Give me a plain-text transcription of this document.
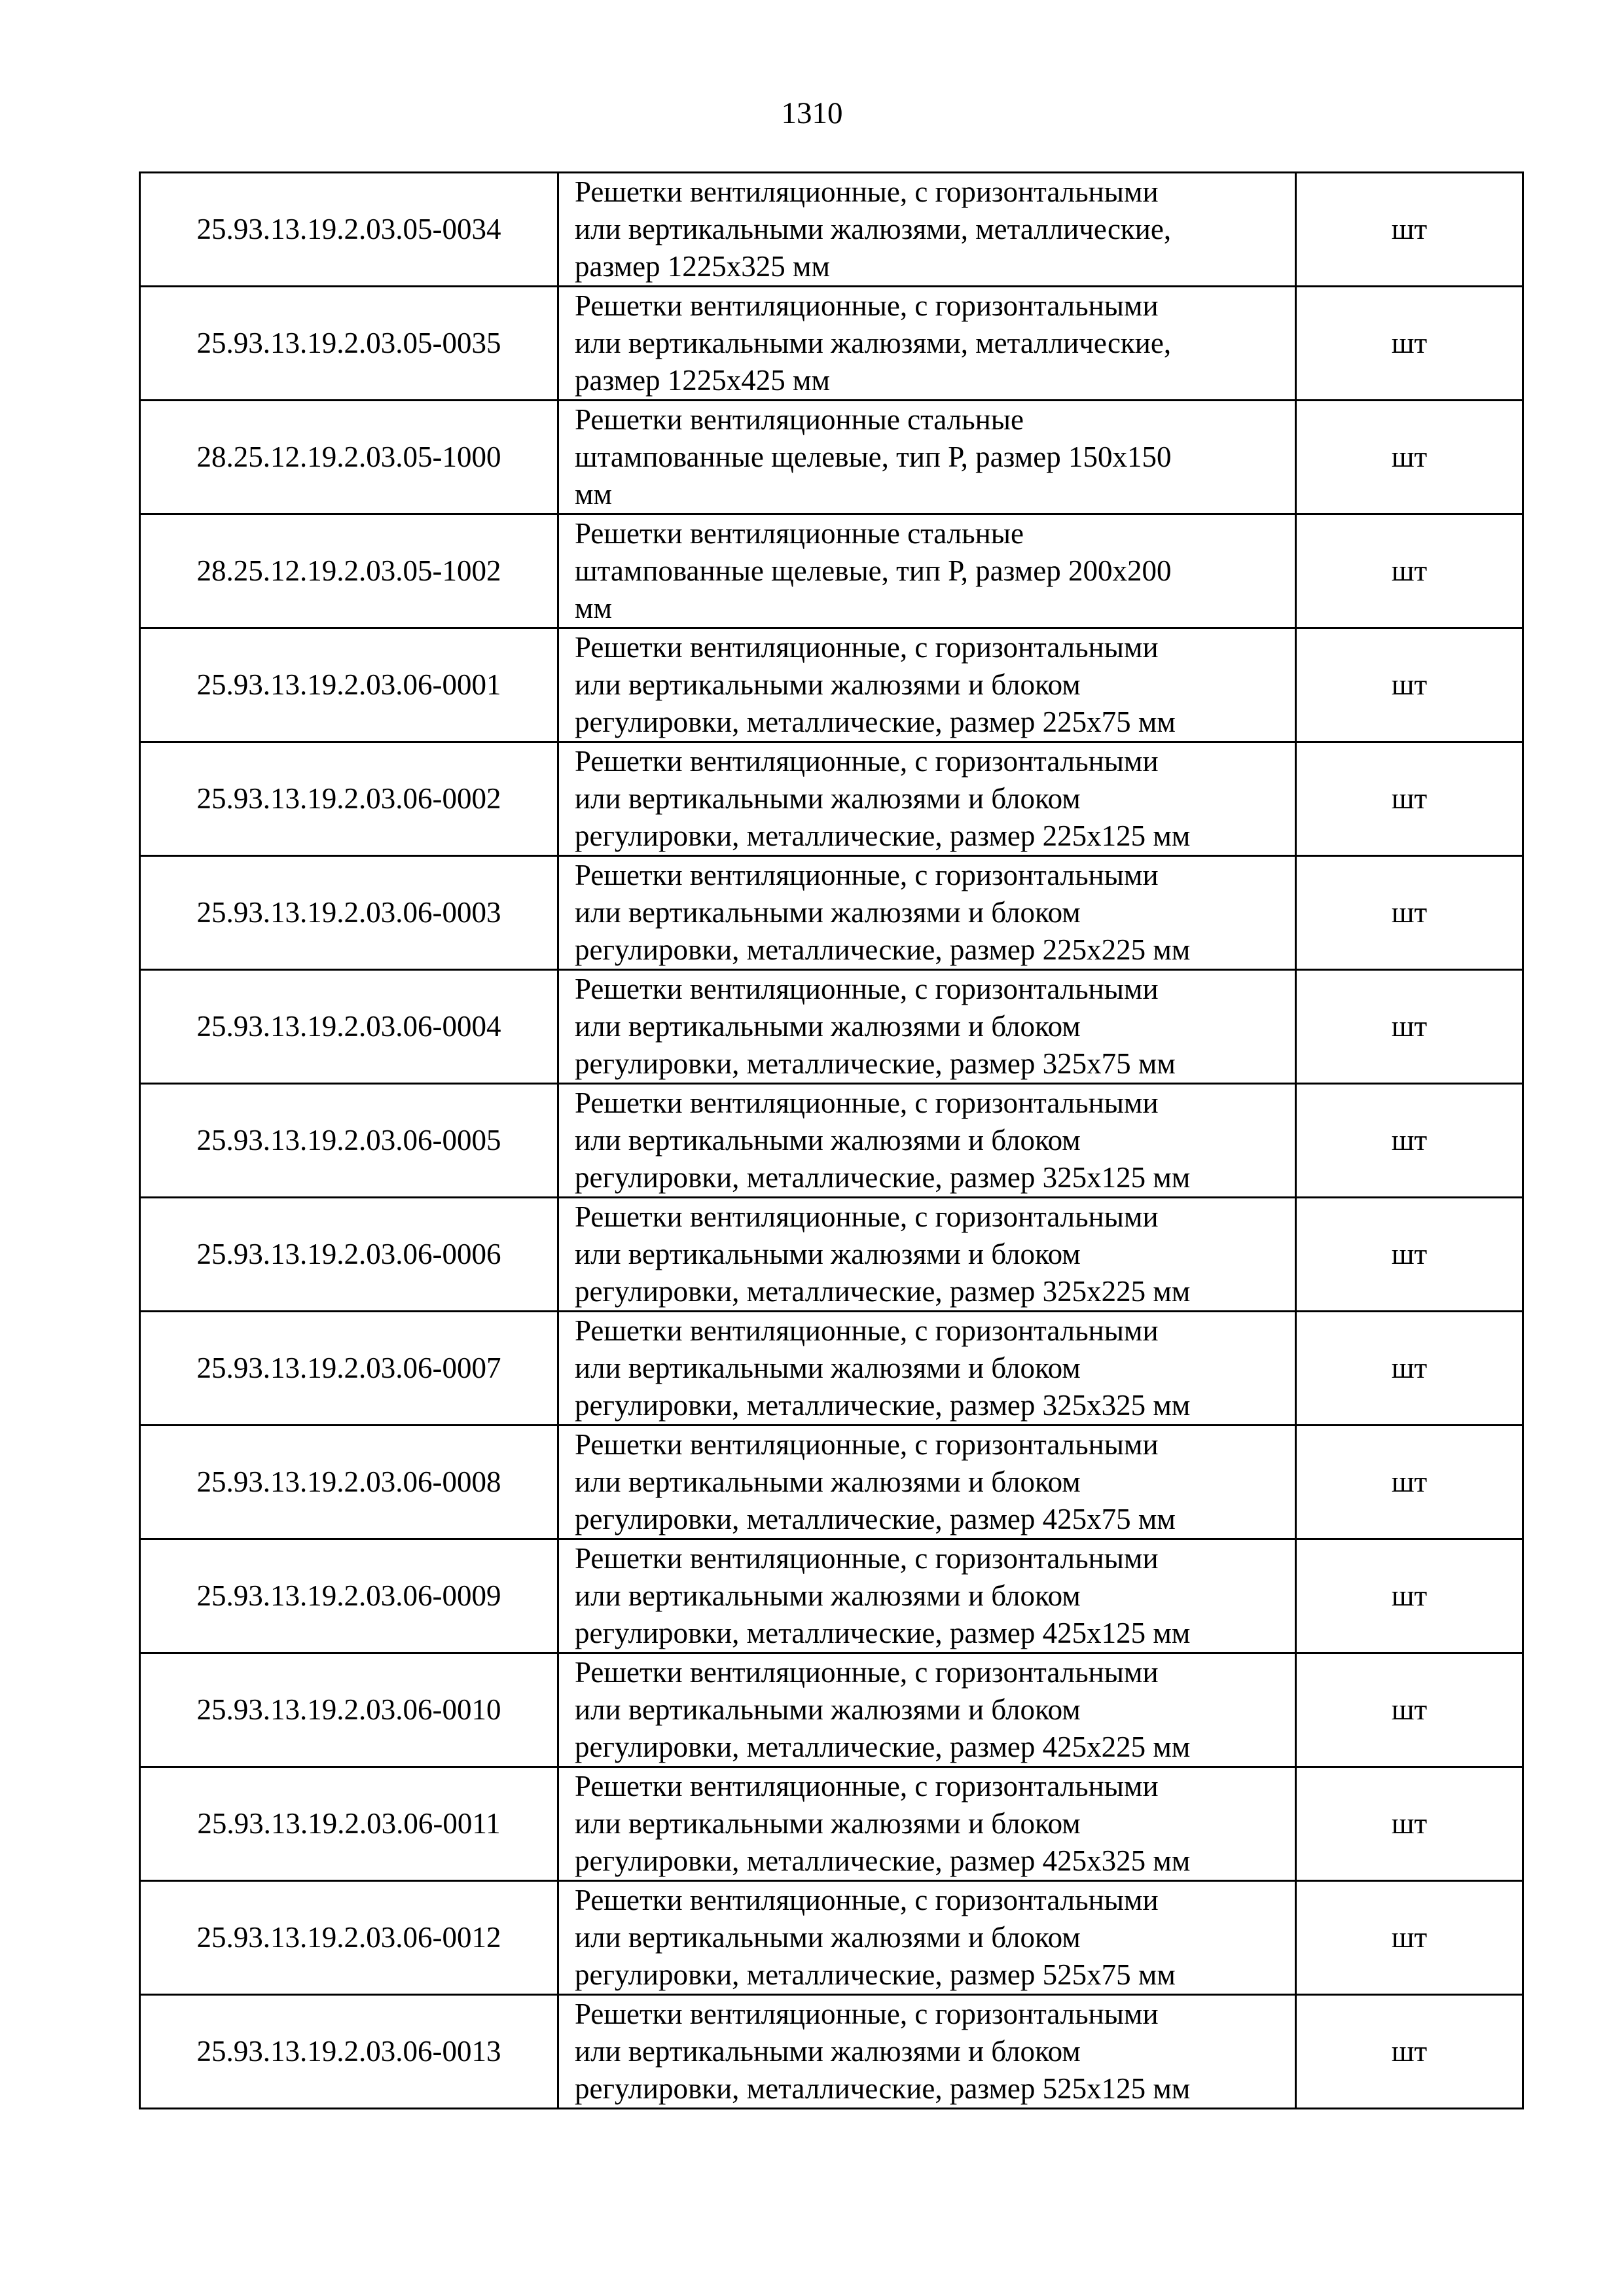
1310
25.93.13.19.2.03.05-0034	Решетки вентиляционные, с горизонтальными
или вертикальными жалюзями, металлические,
размер 1225х325 мм	шт
25.93.13.19.2.03.05-0035	Решетки вентиляционные, с горизонтальными
или вертикальными жалюзями, металлические,
размер 1225х425 мм	шт
28.25.12.19.2.03.05-1000	Решетки вентиляционные стальные
штампованные щелевые, тип Р, размер 150х150
мм	шт
28.25.12.19.2.03.05-1002	Решетки вентиляционные стальные
штампованные щелевые, тип Р, размер 200х200
мм	шт
25.93.13.19.2.03.06-0001	Решетки вентиляционные, с горизонтальными
или вертикальными жалюзями и блоком
регулировки, металлические, размер 225х75 мм	шт
25.93.13.19.2.03.06-0002	Решетки вентиляционные, с горизонтальными
или вертикальными жалюзями и блоком
регулировки, металлические, размер 225х125 мм	шт
25.93.13.19.2.03.06-0003	Решетки вентиляционные, с горизонтальными
или вертикальными жалюзями и блоком
регулировки, металлические, размер 225х225 мм	шт
25.93.13.19.2.03.06-0004	Решетки вентиляционные, с горизонтальными
или вертикальными жалюзями и блоком
регулировки, металлические, размер 325х75 мм	шт
25.93.13.19.2.03.06-0005	Решетки вентиляционные, с горизонтальными
или вертикальными жалюзями и блоком
регулировки, металлические, размер 325х125 мм	шт
25.93.13.19.2.03.06-0006	Решетки вентиляционные, с горизонтальными
или вертикальными жалюзями и блоком
регулировки, металлические, размер 325х225 мм	шт
25.93.13.19.2.03.06-0007	Решетки вентиляционные, с горизонтальными
или вертикальными жалюзями и блоком
регулировки, металлические, размер 325х325 мм	шт
25.93.13.19.2.03.06-0008	Решетки вентиляционные, с горизонтальными
или вертикальными жалюзями и блоком
регулировки, металлические, размер 425х75 мм	шт
25.93.13.19.2.03.06-0009	Решетки вентиляционные, с горизонтальными
или вертикальными жалюзями и блоком
регулировки, металлические, размер 425х125 мм	шт
25.93.13.19.2.03.06-0010	Решетки вентиляционные, с горизонтальными
или вертикальными жалюзями и блоком
регулировки, металлические, размер 425х225 мм	шт
25.93.13.19.2.03.06-0011	Решетки вентиляционные, с горизонтальными
или вертикальными жалюзями и блоком
регулировки, металлические, размер 425х325 мм	шт
25.93.13.19.2.03.06-0012	Решетки вентиляционные, с горизонтальными
или вертикальными жалюзями и блоком
регулировки, металлические, размер 525х75 мм	шт
25.93.13.19.2.03.06-0013	Решетки вентиляционные, с горизонтальными
или вертикальными жалюзями и блоком
регулировки, металлические, размер 525х125 мм	шт
